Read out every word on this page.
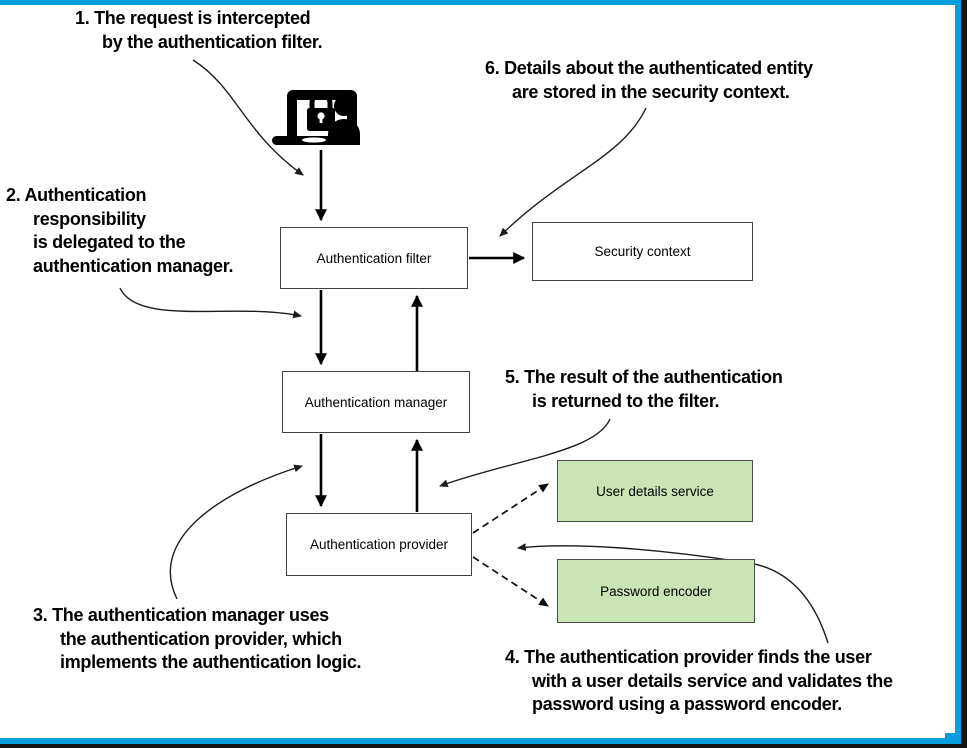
Authentication filter	Security context
Authentication manager
Authentication provider
User details service
Password encoder
1. The request is intercepted
by the authentication filter.
6. Details about the authenticated entity
are stored in the security context.
2. Authentication
responsibility
is delegated to the
authentication manager.
5. The result of the authentication
is returned to the filter.
3. The authentication manager uses
the authentication provider, which
implements the authentication logic.	4. The authentication provider finds the user
with a user details service and validates the
password using a password encoder.
